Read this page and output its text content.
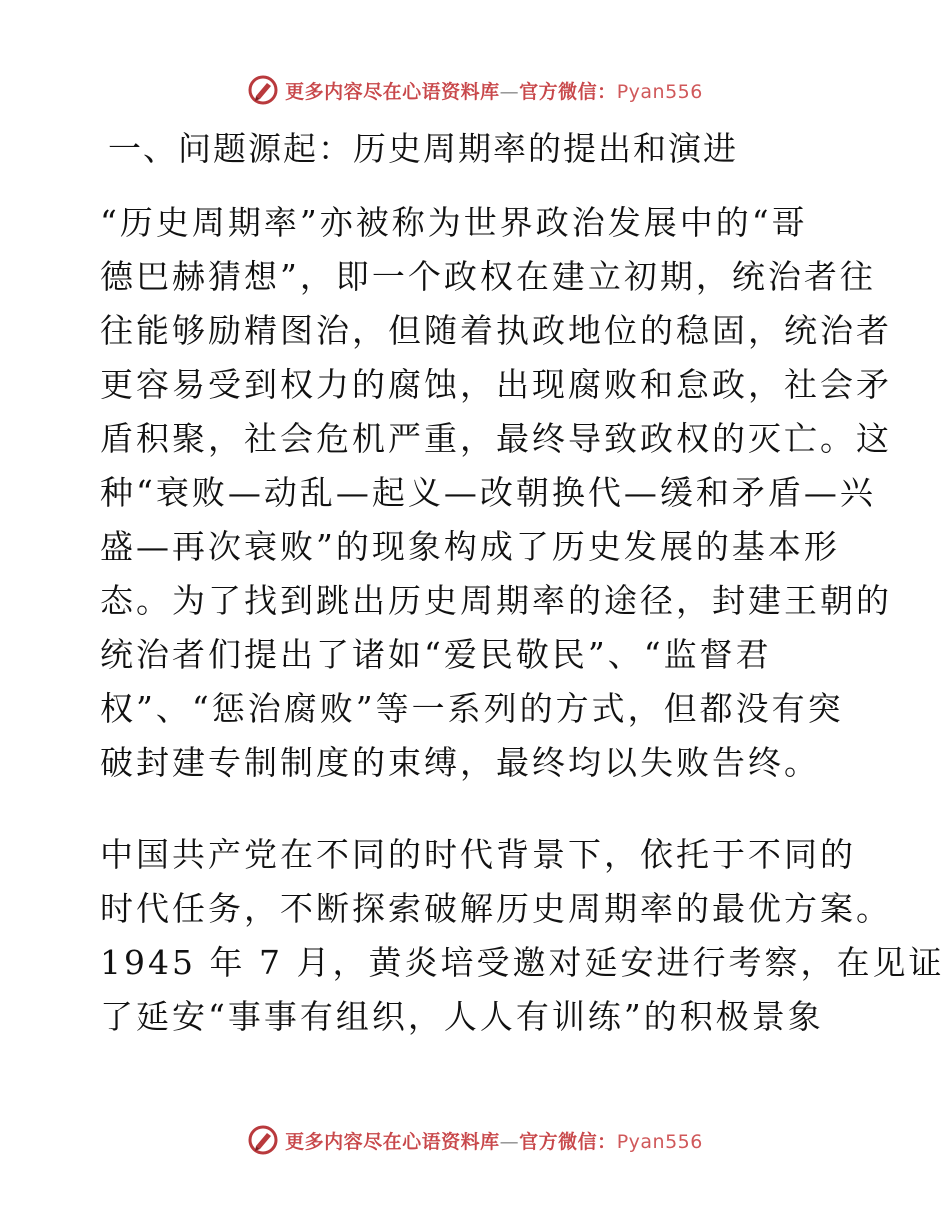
更多内容尽在心语资料库—官方微信：Pyan556
一、问题源起：历史周期率的提出和演进
“历史周期率”亦被称为世界政治发展中的“哥
德巴赫猜想”，即一个政权在建立初期，统治者往
往能够励精图治，但随着执政地位的稳固，统治者
更容易受到权力的腐蚀，出现腐败和怠政，社会矛
盾积聚，社会危机严重，最终导致政权的灭亡。这
种“衰败—动乱—起义—改朝换代—缓和矛盾—兴
盛—再次衰败”的现象构成了历史发展的基本形
态。为了找到跳出历史周期率的途径，封建王朝的
统治者们提出了诸如“爱民敬民”、“监督君
权”、“惩治腐败”等一系列的方式，但都没有突
破封建专制制度的束缚，最终均以失败告终。
中国共产党在不同的时代背景下，依托于不同的
时代任务，不断探索破解历史周期率的最优方案。
1945 年 7 月，黄炎培受邀对延安进行考察，在见证
了延安“事事有组织，人人有训练”的积极景象
更多内容尽在心语资料库—官方微信：Pyan556
